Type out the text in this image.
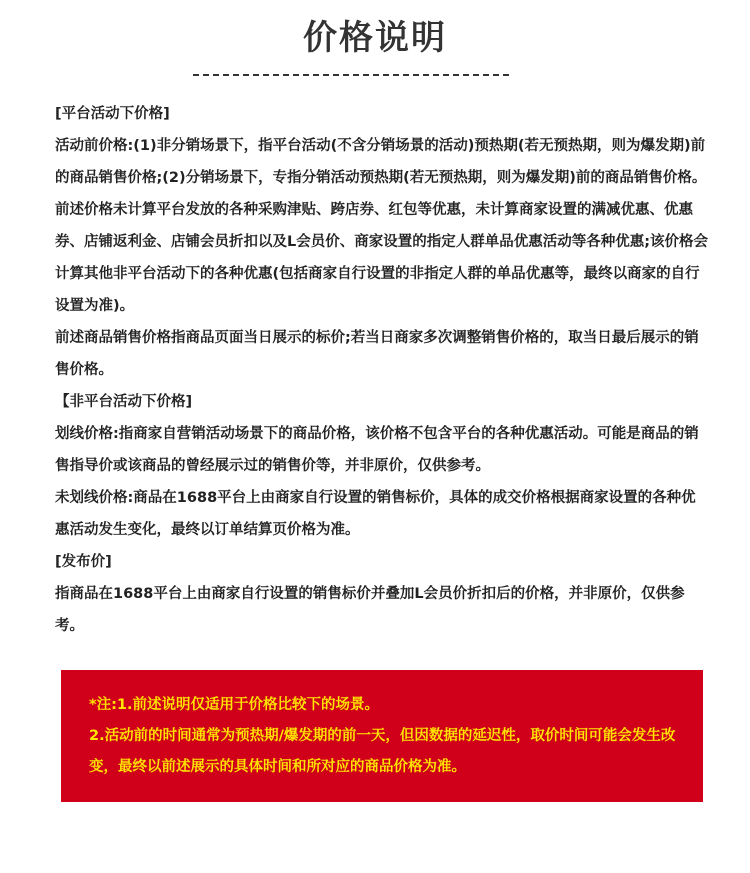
价格说明

[平台活动下价格]

活动前价格:(1)非分销场景下，指平台活动(不含分销场景的活动)预热期(若无预热期，则为爆发期)前的商品销售价格;(2)分销场景下，专指分销活动预热期(若无预热期，则为爆发期)前的商品销售价格。前述价格未计算平台发放的各种采购津贴、跨店券、红包等优惠，未计算商家设置的满减优惠、优惠券、店铺返利金、店铺会员折扣以及L会员价、商家设置的指定人群单品优惠活动等各种优惠;该价格会计算其他非平台活动下的各种优惠(包括商家自行设置的非指定人群的单品优惠等，最终以商家的自行设置为准)。

前述商品销售价格指商品页面当日展示的标价;若当日商家多次调整销售价格的，取当日最后展示的销售价格。

【非平台活动下价格]

划线价格:指商家自营销活动场景下的商品价格，该价格不包含平台的各种优惠活动。可能是商品的销售指导价或该商品的曾经展示过的销售价等，并非原价，仅供参考。

未划线价格:商品在1688平台上由商家自行设置的销售标价，具体的成交价格根据商家设置的各种优惠活动发生变化，最终以订单结算页价格为准。

[发布价]

指商品在1688平台上由商家自行设置的销售标价并叠加L会员价折扣后的价格，并非原价，仅供参考。

*注:1.前述说明仅适用于价格比较下的场景。

2.活动前的时间通常为预热期/爆发期的前一天，但因数据的延迟性，取价时间可能会发生改变，最终以前述展示的具体时间和所对应的商品价格为准。
